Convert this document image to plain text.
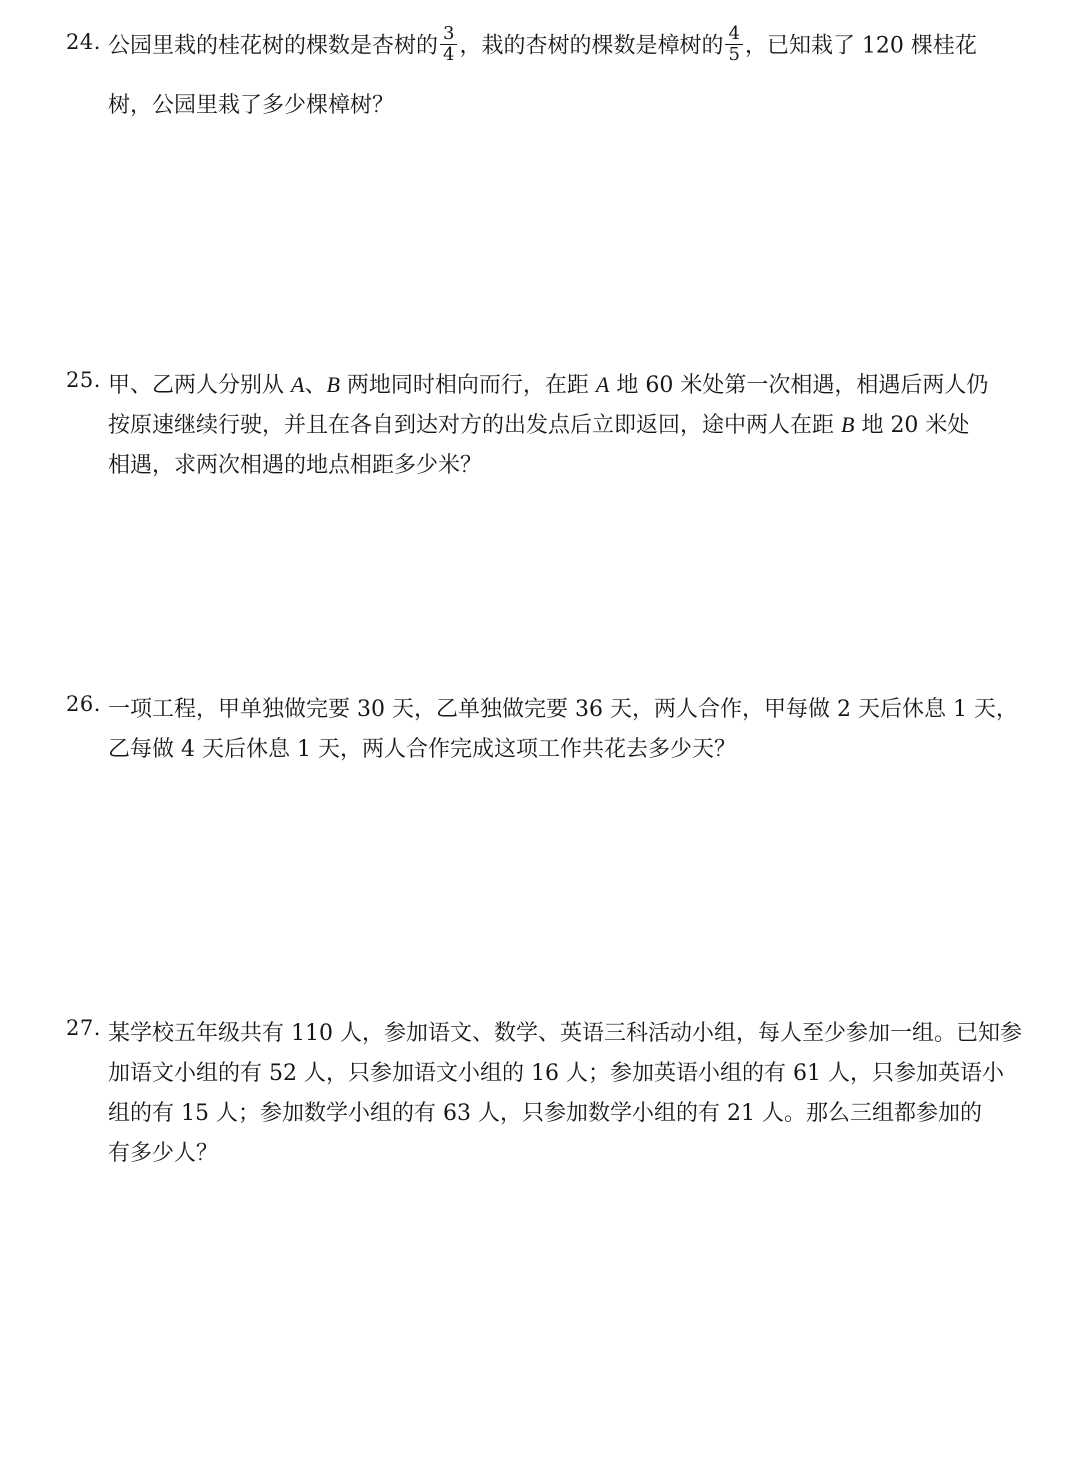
24. 公园里栽的桂花树的棵数是杏树的 $\frac{3}{4}$ ，栽的杏树的棵数是樟树的 $\frac{4}{5}$ ，已知栽了 120 棵桂花
树，公园里栽了多少棵樟树？
25. 甲、乙两人分别从 A、B 两地同时相向而行，在距 A 地 60 米处第一次相遇，相遇后两人仍
按原速继续行驶，并且在各自到达对方的出发点后立即返回，途中两人在距 B 地 20 米处
相遇，求两次相遇的地点相距多少米？
26. 一项工程，甲单独做完要 30 天，乙单独做完要 36 天，两人合作，甲每做 2 天后休息 1 天，
乙每做 4 天后休息 1 天，两人合作完成这项工作共花去多少天？
27. 某学校五年级共有 110 人，参加语文、数学、英语三科活动小组，每人至少参加一组。已知参
加语文小组的有 52 人，只参加语文小组的 16 人；参加英语小组的有 61 人，只参加英语小
组的有 15 人；参加数学小组的有 63 人，只参加数学小组的有 21 人。那么三组都参加的
有多少人？
